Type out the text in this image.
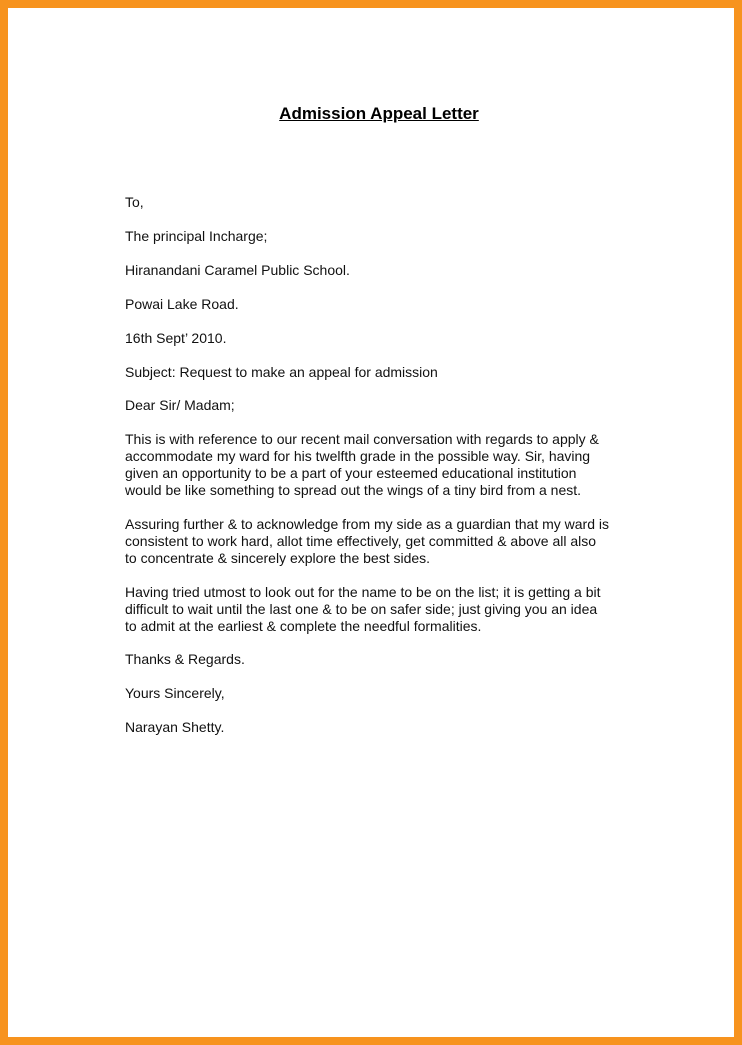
Admission Appeal Letter
To,
The principal Incharge;
Hiranandani Caramel Public School.
Powai Lake Road.
16th Sept’ 2010.
Subject: Request to make an appeal for admission
Dear Sir/ Madam;
This is with reference to our recent mail conversation with regards to apply &
accommodate my ward for his twelfth grade in the possible way. Sir, having
given an opportunity to be a part of your esteemed educational institution
would be like something to spread out the wings of a tiny bird from a nest.
Assuring further & to acknowledge from my side as a guardian that my ward is
consistent to work hard, allot time effectively, get committed & above all also
to concentrate & sincerely explore the best sides.
Having tried utmost to look out for the name to be on the list; it is getting a bit
difficult to wait until the last one & to be on safer side; just giving you an idea
to admit at the earliest & complete the needful formalities.
Thanks & Regards.
Yours Sincerely,
Narayan Shetty.
